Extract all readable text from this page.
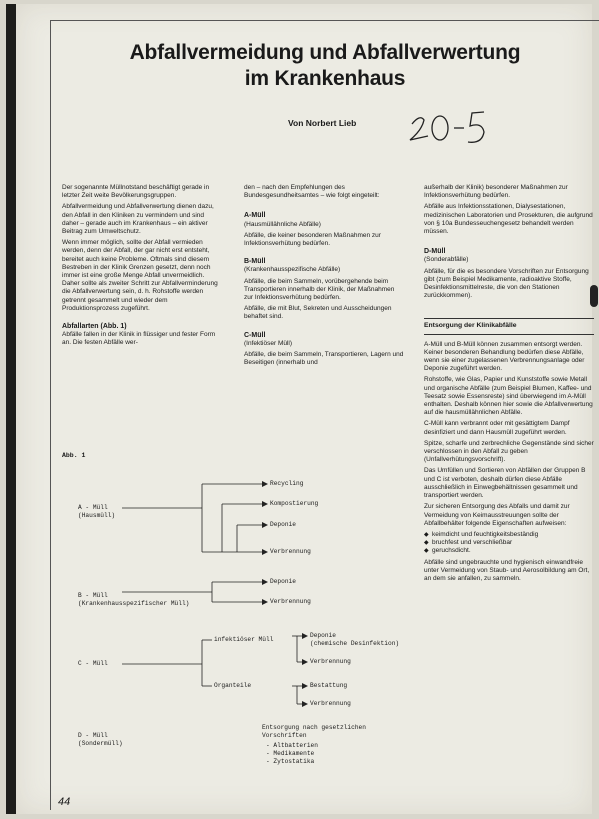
Abfallvermeidung und Abfallverwertung
im Krankenhaus
Von Norbert Lieb

Der sogenannte Müllnotstand beschäftigt gerade in letzter Zeit weite Bevölkerungsgruppen.

Abfallvermeidung und Abfallverwertung dienen dazu, den Abfall in den Kliniken zu vermindern und sind daher – gerade auch im Krankenhaus – ein aktiver Beitrag zum Umweltschutz.

Wenn immer möglich, sollte der Abfall vermieden werden, denn der Abfall, der gar nicht erst entsteht, bereitet auch keine Probleme. Oftmals sind diesem Bestreben in der Klinik Grenzen gesetzt, denn noch immer ist eine große Menge Abfall unvermeidlich. Daher sollte als zweiter Schritt zur Abfallverminderung die Abfallverwertung sein, d. h. Rohstoffe werden getrennt gesammelt und wieder dem Produktionsprozess zugeführt.

Abfallarten (Abb. 1)

Abfälle fallen in der Klinik in flüssiger und fester Form an. Die festen Abfälle wer-

den – nach den Empfehlungen des Bundesgesundheitsamtes – wie folgt eingeteilt:

A-Müll
(Hausmüllähnliche Abfälle)

Abfälle, die keiner besonderen Maßnahmen zur Infektionsverhütung bedürfen.

B-Müll
(Krankenhausspezifische Abfälle)

Abfälle, die beim Sammeln, vorübergehende beim Transportieren innerhalb der Klinik, der Maßnahmen zur Infektionsverhütung bedürfen.

Abfälle, die mit Blut, Sekreten und Ausscheidungen behaftet sind.

C-Müll
(Infektiöser Müll)

Abfälle, die beim Sammeln, Transportieren, Lagern und Beseitigen (innerhalb und

außerhalb der Klinik) besonderer Maßnahmen zur Infektionsverhütung bedürfen.

Abfälle aus Infektionsstationen, Dialysestationen, medizinischen Laboratorien und Prosekturen, die aufgrund von § 10a Bundesseuchengesetz behandelt werden müssen.

D-Müll
(Sonderabfälle)

Abfälle, für die es besondere Vorschriften zur Entsorgung gibt (zum Beispiel Medikamente, radioaktive Stoffe, Desinfektionsmittelreste, die von den Stationen zurückkommen).

Entsorgung der Klinikabfälle

A-Müll und B-Müll können zusammen entsorgt werden. Keiner besonderen Behandlung bedürfen diese Abfälle, wenn sie einer zugelassenen Verbrennungsanlage oder Deponie zugeführt werden.

Rohstoffe, wie Glas, Papier und Kunststoffe sowie Metall und organische Abfälle (zum Beispiel Blumen, Kaffee- und Teesatz sowie Essensreste) sind überwiegend im A-Müll enthalten. Deshalb können hier sowie die Abfallverwertung auf die hausmüllähnlichen Abfälle.

C-Müll kann verbrannt oder mit gesättigtem Dampf desinfiziert und dann Hausmüll zugeführt werden.

Spitze, scharfe und zerbrechliche Gegenstände sind sicher verschlossen in den Abfall zu geben (Unfallverhütungsvorschrift).

Das Umfüllen und Sortieren von Abfällen der Gruppen B und C ist verboten, deshalb dürfen diese Abfälle ausschließlich in Einwegbehältnissen gesammelt und transportiert werden.

Zur sicheren Entsorgung des Abfalls und damit zur Vermeidung von Keimausstreuungen sollte der Abfallbehälter folgende Eigenschaften aufweisen:

◆ keimdicht und feuchtigkeitsbeständig
◆ bruchfest und verschließbar
◆ geruchsdicht.

Abfälle sind ungebrauchte und hygienisch einwandfreie unter Vermeidung von Staub- und Aerosolbildung am Ort, an dem sie anfallen, zu sammeln.

Abb. 1
A - Müll
(Hausmüll)
Recycling
Kompostierung
Deponie
Verbrennung
B - Müll
(Krankenhausspezifischer Müll)
Deponie
Verbrennung
C - Müll
infektiöser Müll
Deponie
(chemische Desinfektion)
Verbrennung
Organteile	Bestattung
Verbrennung
D - Müll
(Sondermüll)
Entsorgung nach gesetzlichen
Vorschriften
- Altbatterien
- Medikamente
- Zytostatika
44
